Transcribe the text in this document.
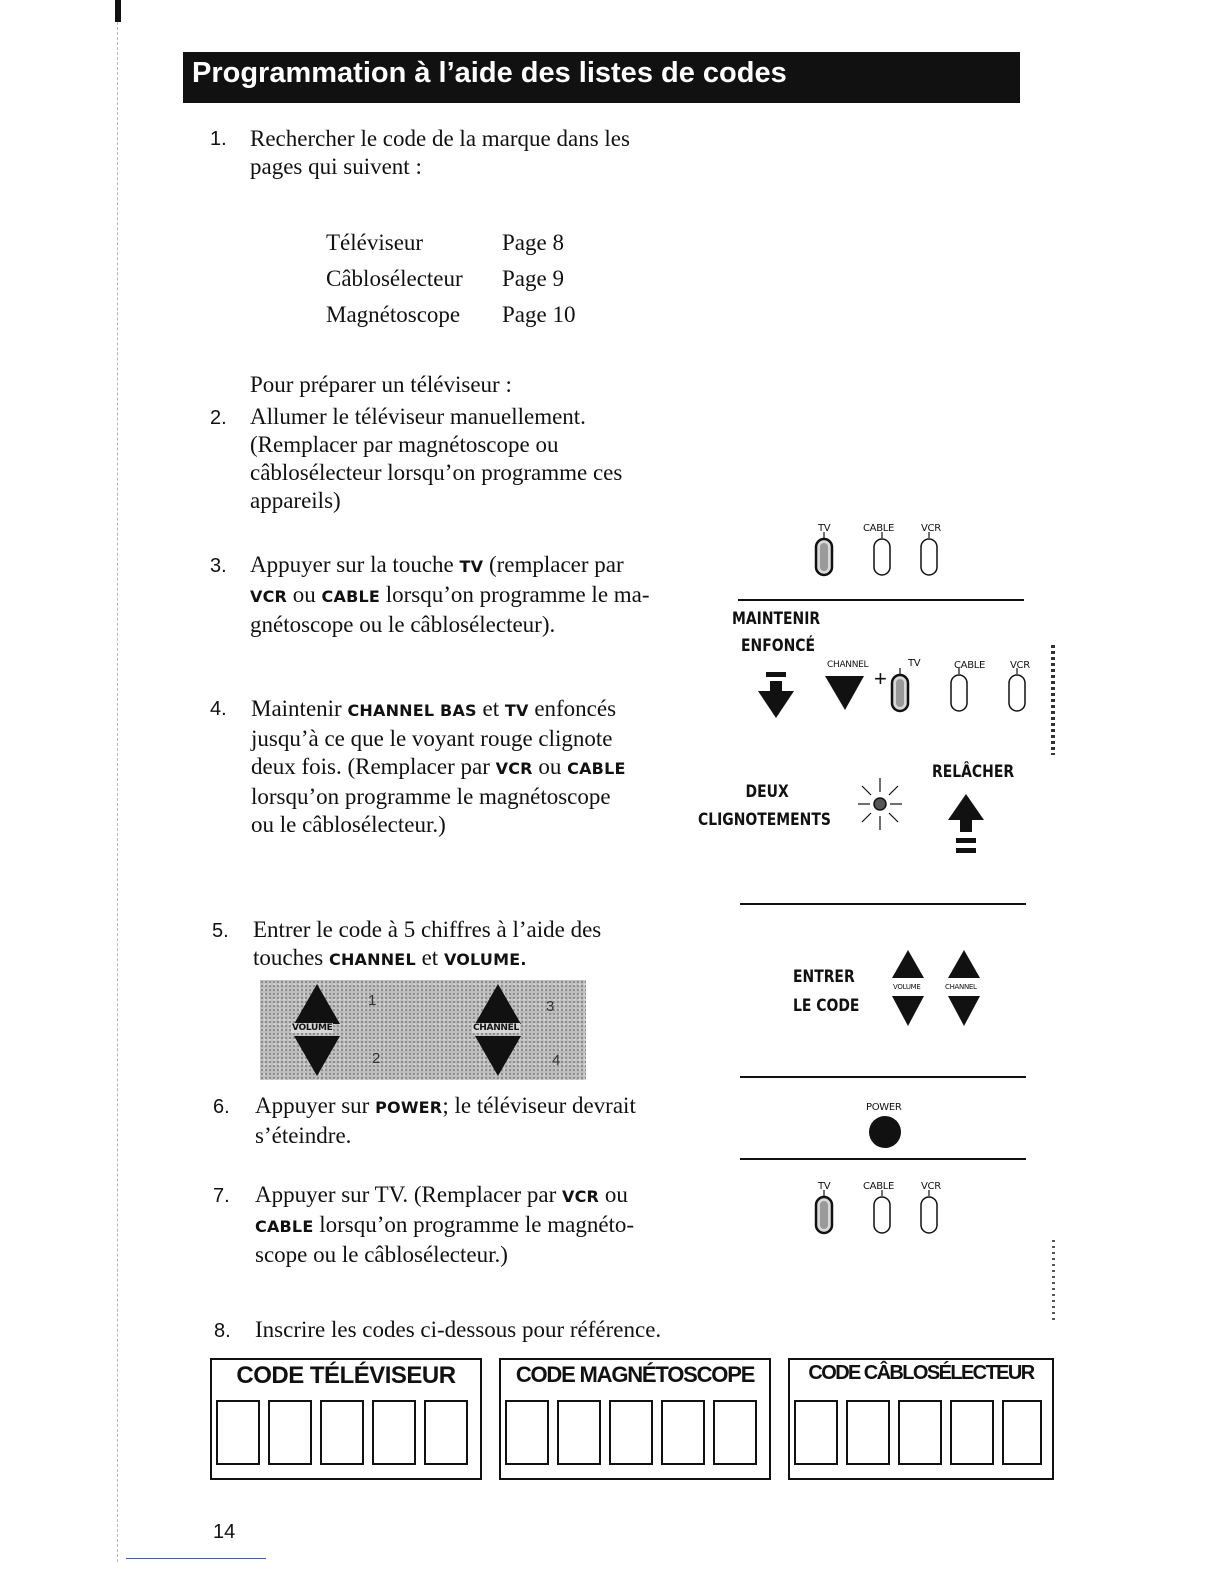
Programmation à l’aide des listes de codes
1. Rechercher le code de la marque dans les
pages qui suivent :
Téléviseur	Page 8
Câblosélecteur Page 9
Magnétoscope Page 10
Pour préparer un téléviseur :
2. Allumer le téléviseur manuellement.
(Remplacer par magnétoscope ou
câblosélecteur lorsqu’on programme ces
appareils)
3. Appuyer sur la touche TV (remplacer par
VCR ou CABLE lorsqu’on programme le ma-
gnétoscope ou le câblosélecteur).
4. Maintenir CHANNEL BAS et TV enfoncés
jusqu’à ce que le voyant rouge clignote
deux fois. (Remplacer par VCR ou CABLE
lorsqu’on programme le magnétoscope
ou le câblosélecteur.)
5. Entrer le code à 5 chiffres à l’aide des
touches CHANNEL et VOLUME.
VOLUME	CHANNEL
1
2
3
4
6. Appuyer sur POWER; le téléviseur devrait
s’éteindre.
7. Appuyer sur TV. (Remplacer par VCR ou
CABLE lorsqu’on programme le magnéto-
scope ou le câblosélecteur.)
8. Inscrire les codes ci-dessous pour référence.
TV	CABLE	VCR
MAINTENIR
ENFONCÉ
CHANNEL	TV	CABLE VCR
+
RELÂCHER
DEUX
CLIGNOTEMENTS
ENTRER
LE CODE
VOLUME	CHANNEL
POWER
TV	CABLE	VCR
CODE TÉLÉVISEUR	CODE MAGNÉTOSCOPE	CODE CÂBLOSÉLECTEUR
14
